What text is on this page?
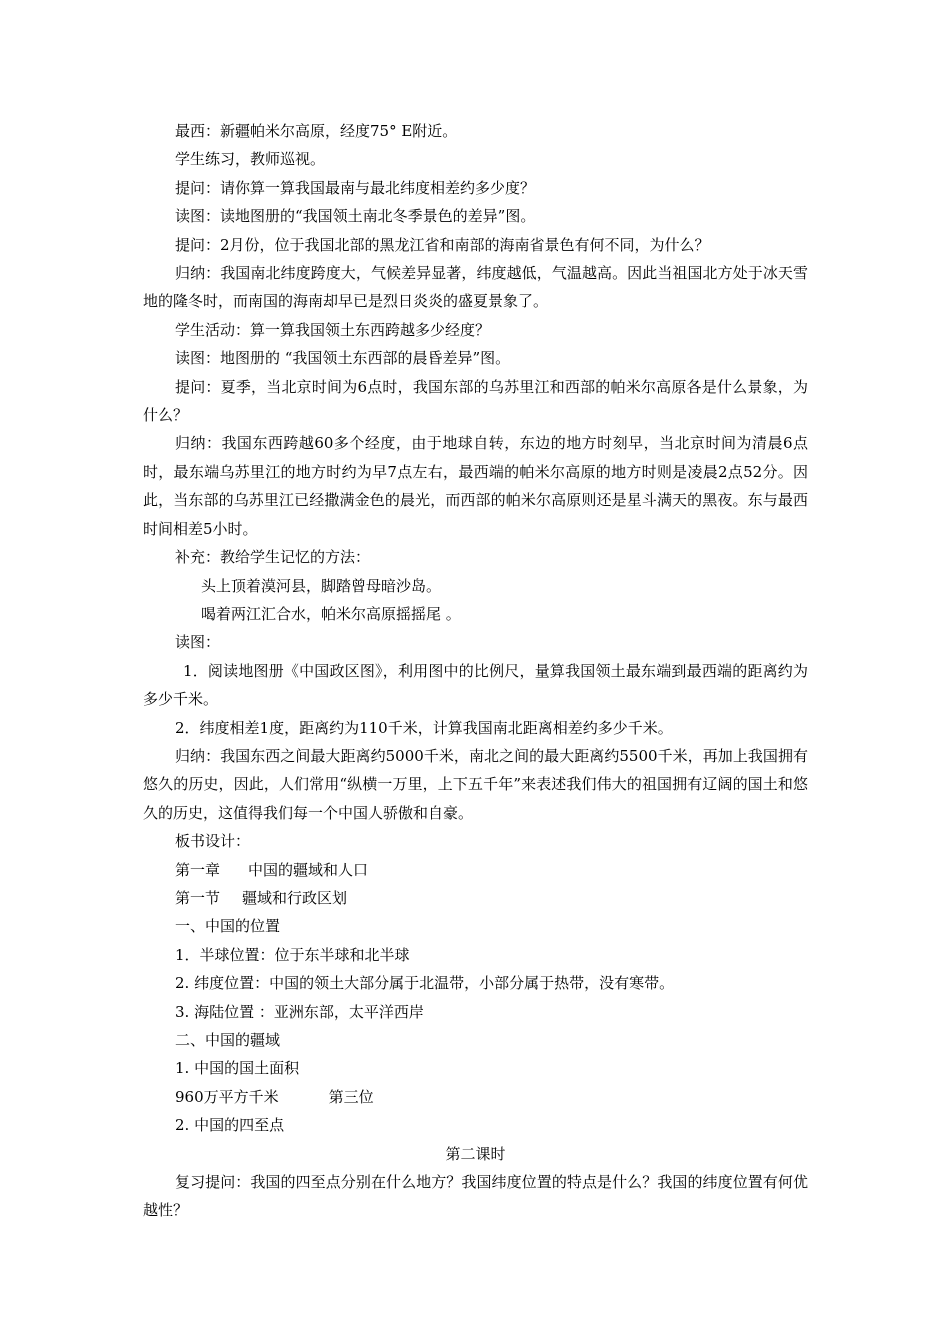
最西：新疆帕米尔高原，经度75° E附近。
学生练习，教师巡视。
提问：请你算一算我国最南与最北纬度相差约多少度？
读图：读地图册的“我国领土南北冬季景色的差异”图。
提问：2月份，位于我国北部的黑龙江省和南部的海南省景色有何不同，为什么？
归纳：我国南北纬度跨度大，气候差异显著，纬度越低，气温越高。因此当祖国北方处于冰天雪地的隆冬时，而南国的海南却早已是烈日炎炎的盛夏景象了。
学生活动：算一算我国领土东西跨越多少经度？
读图：地图册的 “我国领土东西部的晨昏差异”图。
提问：夏季，当北京时间为6点时，我国东部的乌苏里江和西部的帕米尔高原各是什么景象，为什么？
归纳：我国东西跨越60多个经度，由于地球自转，东边的地方时刻早，当北京时间为清晨6点时，最东端乌苏里江的地方时约为早7点左右，最西端的帕米尔高原的地方时则是凌晨2点52分。因此，当东部的乌苏里江已经撒满金色的晨光，而西部的帕米尔高原则还是星斗满天的黑夜。东与最西时间相差5小时。
补充：教给学生记忆的方法：
头上顶着漠河县，脚踏曾母暗沙岛。
喝着两江汇合水，帕米尔高原摇摇尾 。
读图：
1．阅读地图册《中国政区图》，利用图中的比例尺，量算我国领土最东端到最西端的距离约为多少千米。
2．纬度相差1度，距离约为110千米，计算我国南北距离相差约多少千米。
归纳：我国东西之间最大距离约5000千米，南北之间的最大距离约5500千米，再加上我国拥有悠久的历史，因此，人们常用“纵横一万里，上下五千年”来表述我们伟大的祖国拥有辽阔的国土和悠久的历史，这值得我们每一个中国人骄傲和自豪。
板书设计：
第一章 中国的疆域和人口
第一节 疆域和行政区划
一、中国的位置
1．半球位置：位于东半球和北半球
2. 纬度位置：中国的领土大部分属于北温带，小部分属于热带，没有寒带。
3. 海陆位置 ：亚洲东部，太平洋西岸
二、中国的疆域
1. 中国的国土面积
960万平方千米	第三位
2. 中国的四至点
第二课时
复习提问：我国的四至点分别在什么地方？我国纬度位置的特点是什么？我国的纬度位置有何优越性？
